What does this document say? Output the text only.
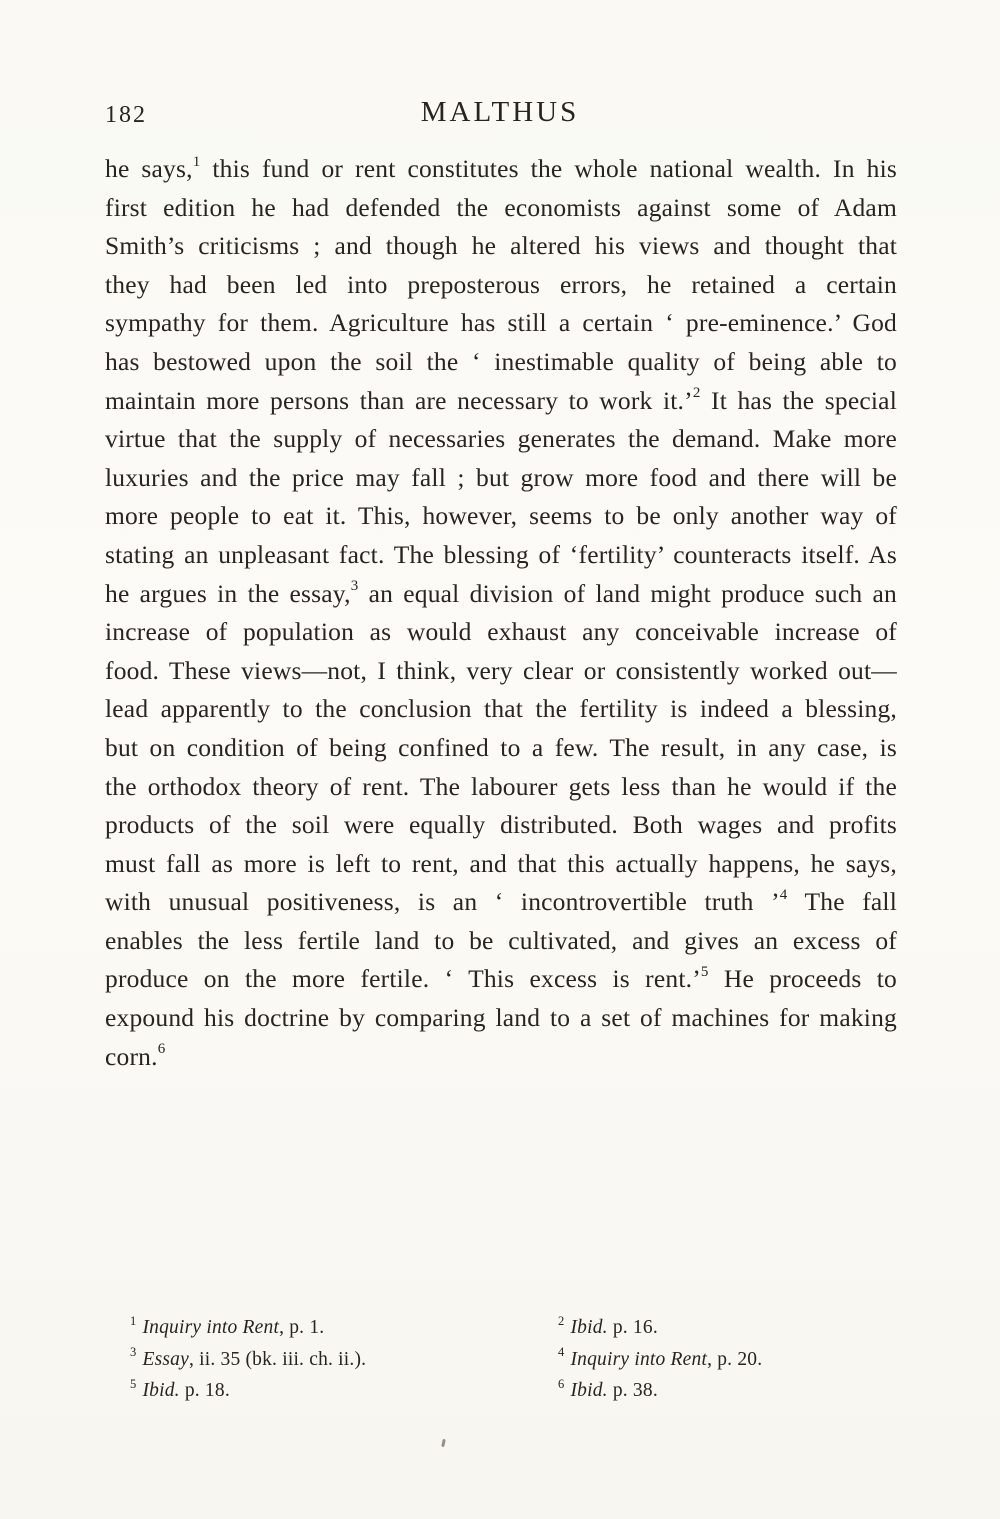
182	MALTHUS

he says,$^1$ this fund or rent constitutes the whole national wealth. In his first edition he had defended the economists against some of Adam Smith’s criticisms ; and though he altered his views and thought that they had been led into preposterous errors, he retained a certain sympathy for them. Agriculture has still a certain ‘ pre-eminence.’ God has bestowed upon the soil the ‘ inestimable quality of being able to maintain more persons than are necessary to work it.’$^2$ It has the special virtue that the supply of necessaries generates the demand. Make more luxuries and the price may fall ; but grow more food and there will be more people to eat it. This, however, seems to be only another way of stating an unpleasant fact. The blessing of ‘fertility’ counteracts itself. As he argues in the essay,$^3$ an equal division of land might produce such an increase of population as would exhaust any conceivable increase of food. These views—not, I think, very clear or consistently worked out—lead apparently to the conclusion that the fertility is indeed a blessing, but on condition of being confined to a few. The result, in any case, is the orthodox theory of rent. The labourer gets less than he would if the products of the soil were equally distributed. Both wages and profits must fall as more is left to rent, and that this actually happens, he says, with unusual positiveness, is an ‘ incontrovertible truth ’$^4$ The fall enables the less fertile land to be cultivated, and gives an excess of produce on the more fertile. ‘ This excess is rent.’$^5$ He proceeds to expound his doctrine by comparing land to a set of machines for making corn.$^6$

$^1$ Inquiry into Rent, p. 1.
$^3$ Essay, ii. 35 (bk. iii. ch. ii.).
$^5$ Ibid. p. 18.
$^2$ Ibid. p. 16.
$^4$ Inquiry into Rent, p. 20.
$^6$ Ibid. p. 38.
